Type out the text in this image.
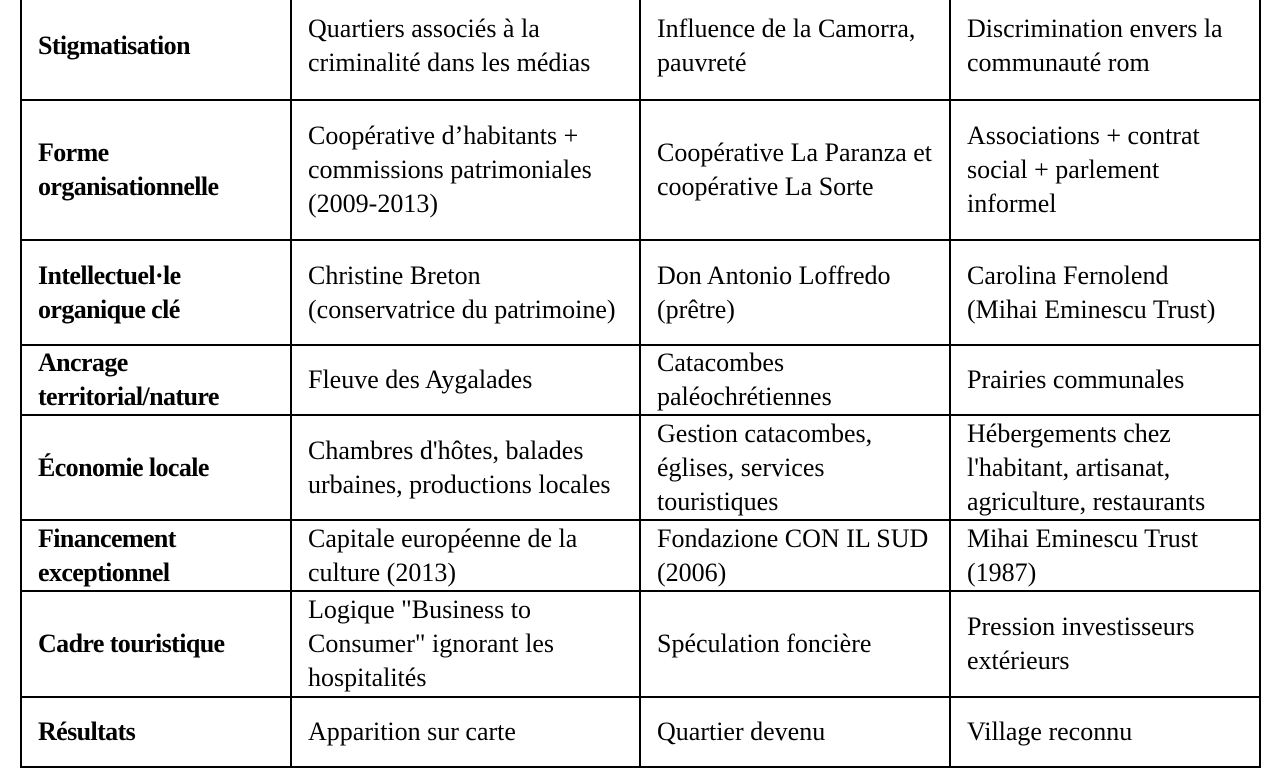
Stigmatisation	Quartiers associés à la criminalité dans les médias	Influence de la Camorra, pauvreté	Discrimination envers la communauté rom

Forme organisationnelle	Coopérative d’habitants + commissions patrimoniales (2009-2013)	Coopérative La Paranza et coopérative La Sorte	Associations + contrat social + parlement informel

Intellectuel·le organique clé	Christine Breton (conservatrice du patrimoine)	Don Antonio Loffredo (prêtre)	Carolina Fernolend (Mihai Eminescu Trust)

Ancrage territorial/nature	Fleuve des Aygalades	Catacombes paléochrétiennes	Prairies communales

Économie locale	Chambres d'hôtes, balades urbaines, productions locales	Gestion catacombes, églises, services touristiques	Hébergements chez l'habitant, artisanat, agriculture, restaurants

Financement exceptionnel	Capitale européenne de la culture (2013)	Fondazione CON IL SUD (2006)	Mihai Eminescu Trust (1987)

Cadre touristique	Logique "Business to Consumer" ignorant les hospitalités	Spéculation foncière	Pression investisseurs extérieurs

Résultats	Apparition sur carte	Quartier devenu	Village reconnu
